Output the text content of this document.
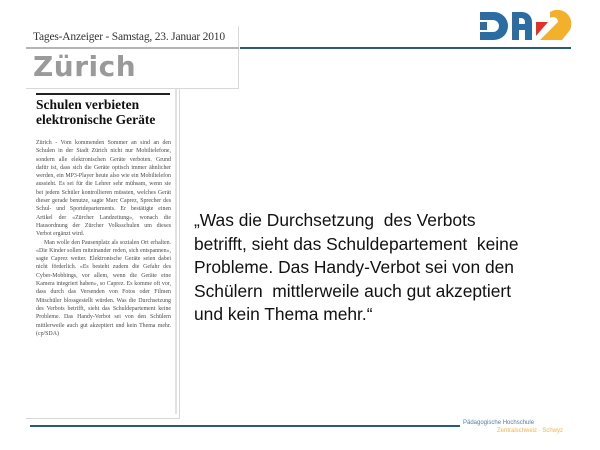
Tages-Anzeiger - Samstag, 23. Januar 2010
Zürich
Schulen verbieten
elektronische Geräte

Zürich - Vom kommenden Sommer an sind an den Schulen in der Stadt Zürich nicht nur Mobiltelefone, sondern alle elektronischen Geräte verboten. Grund dafür ist, dass sich die Geräte optisch immer ähnlicher werden, ein MP3-Player heute also wie ein Mobiltelefon aussieht. Es sei für die Lehrer sehr mühsam, wenn sie bei jedem Schüler kontrollieren müssten, welches Gerät dieser gerade benutze, sagte Marc Caprez, Sprecher des Schul- und Sportdepartements. Er bestätigte einen Artikel der «Zürcher Landzeitung», wonach die Hausordnung der Zürcher Volksschulen um dieses Verbot ergänzt wird.

Man wolle den Pausenplatz als sozialen Ort erhalten. «Die Kinder sollen miteinander reden, sich entspannen», sagte Caprez weiter. Elektronische Geräte seien dabei nicht förderlich. «Es besteht zudem die Gefahr des Cyber-Mobbings, vor allem, wenn die Geräte eine Kamera integriert haben», so Caprez. Es komme oft vor, dass durch das Versenden von Fotos oder Filmen Mitschüler blossgestellt würden. Was die Durchsetzung des Verbots betrifft, sieht das Schuldepartement keine Probleme. Das Handy-Verbot sei von den Schülern mittlerweile auch gut akzeptiert und kein Thema mehr. (cp/SDA)

„Was die Durchsetzung  des Verbots
betrifft, sieht das Schuldepartement  keine
Probleme. Das Handy-Verbot sei von den
Schülern  mittlerweile auch gut akzeptiert
und kein Thema mehr.“
Pädagogische Hochschule
Zentralschweiz · Schwyz
